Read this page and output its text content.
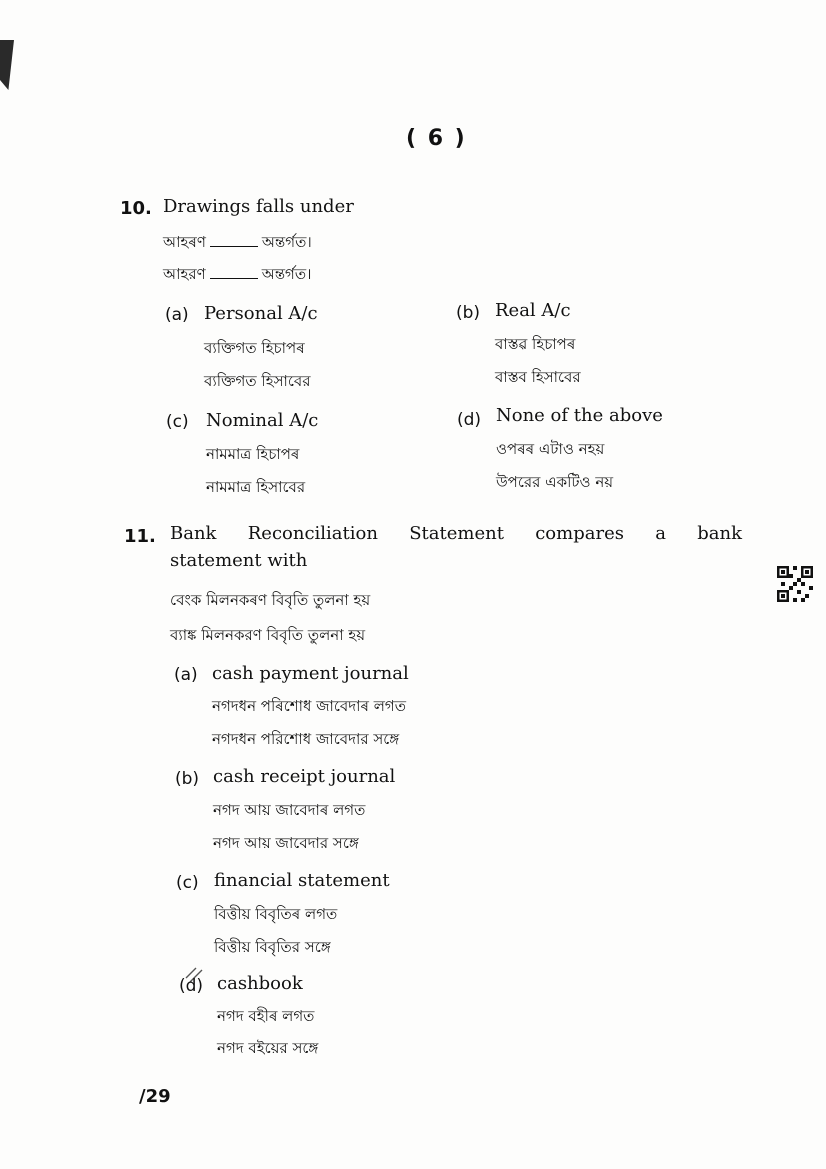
( 6 )
10. Drawings falls under
আহৰণ	অন্তৰ্গত।
আহরণ	অন্তর্গত।
(a) Personal A/c
ব্যক্তিগত হিচাপৰ
ব্যক্তিগত হিসাবের
(b) Real A/c
বাস্তৱ হিচাপৰ
বাস্তব হিসাবের
(c) Nominal A/c
নামমাত্ৰ হিচাপৰ
নামমাত্র হিসাবের
(d) None of the above
ওপৰৰ এটাও নহয়
উপরের একটিও নয়
11. Bank Reconciliation Statement compares a bank
statement with
বেংক মিলনকৰণ বিবৃতি তুলনা হয়
ব্যাঙ্ক মিলনকরণ বিবৃতি তুলনা হয়
(a) cash payment journal
নগদধন পৰিশোধ জাবেদাৰ লগত
নগদধন পরিশোধ জাবেদার সঙ্গে
(b) cash receipt journal
নগদ আয় জাবেদাৰ লগত
নগদ আয় জাবেদার সঙ্গে
(c) financial statement
বিত্তীয় বিবৃতিৰ লগত
বিত্তীয় বিবৃতির সঙ্গে
(d) cashbook
নগদ বহীৰ লগত
নগদ বইয়ের সঙ্গে
/29
